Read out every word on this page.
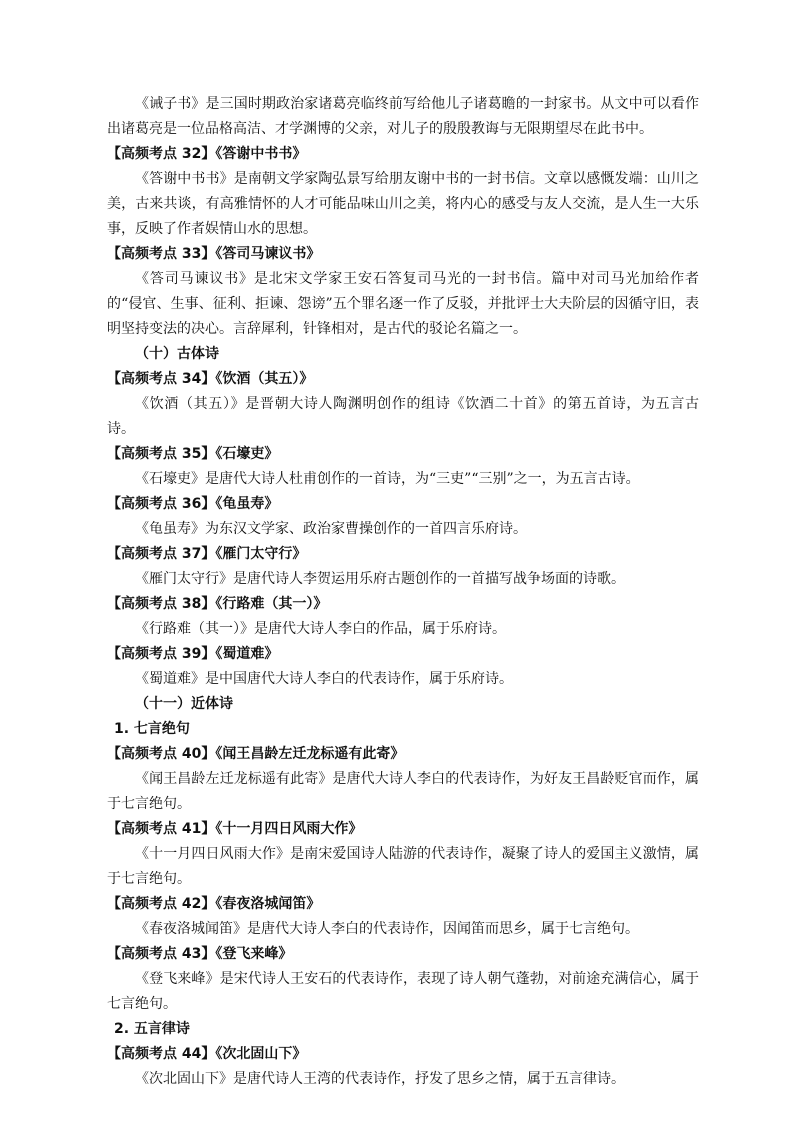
《诫子书》是三国时期政治家诸葛亮临终前写给他儿子诸葛瞻的一封家书。从文中可以看作出诸葛亮是一位品格高洁、才学渊博的父亲，对儿子的殷殷教诲与无限期望尽在此书中。

【高频考点 32】《答谢中书书》

《答谢中书书》是南朝文学家陶弘景写给朋友谢中书的一封书信。文章以感慨发端：山川之美，古来共谈，有高雅情怀的人才可能品味山川之美，将内心的感受与友人交流，是人生一大乐事，反映了作者娱情山水的思想。

【高频考点 33】《答司马谏议书》

《答司马谏议书》是北宋文学家王安石答复司马光的一封书信。篇中对司马光加给作者的“侵官、生事、征利、拒谏、怨谤”五个罪名逐一作了反驳，并批评士大夫阶层的因循守旧，表明坚持变法的决心。言辞犀利，针锋相对，是古代的驳论名篇之一。

（十）古体诗

【高频考点 34】《饮酒（其五）》

《饮酒（其五）》是晋朝大诗人陶渊明创作的组诗《饮酒二十首》的第五首诗，为五言古诗。

【高频考点 35】《石壕吏》

《石壕吏》是唐代大诗人杜甫创作的一首诗，为“三吏”“三别”之一，为五言古诗。

【高频考点 36】《龟虽寿》

《龟虽寿》为东汉文学家、政治家曹操创作的一首四言乐府诗。

【高频考点 37】《雁门太守行》

《雁门太守行》是唐代诗人李贺运用乐府古题创作的一首描写战争场面的诗歌。

【高频考点 38】《行路难（其一）》

《行路难（其一）》是唐代大诗人李白的作品，属于乐府诗。

【高频考点 39】《蜀道难》

《蜀道难》是中国唐代大诗人李白的代表诗作，属于乐府诗。

（十一）近体诗

1. 七言绝句

【高频考点 40】《闻王昌龄左迁龙标遥有此寄》

《闻王昌龄左迁龙标遥有此寄》是唐代大诗人李白的代表诗作，为好友王昌龄贬官而作，属于七言绝句。

【高频考点 41】《十一月四日风雨大作》

《十一月四日风雨大作》是南宋爱国诗人陆游的代表诗作，凝聚了诗人的爱国主义激情，属于七言绝句。

【高频考点 42】《春夜洛城闻笛》

《春夜洛城闻笛》是唐代大诗人李白的代表诗作，因闻笛而思乡，属于七言绝句。

【高频考点 43】《登飞来峰》

《登飞来峰》是宋代诗人王安石的代表诗作，表现了诗人朝气蓬勃，对前途充满信心，属于七言绝句。

2. 五言律诗

【高频考点 44】《次北固山下》

《次北固山下》是唐代诗人王湾的代表诗作，抒发了思乡之情，属于五言律诗。
